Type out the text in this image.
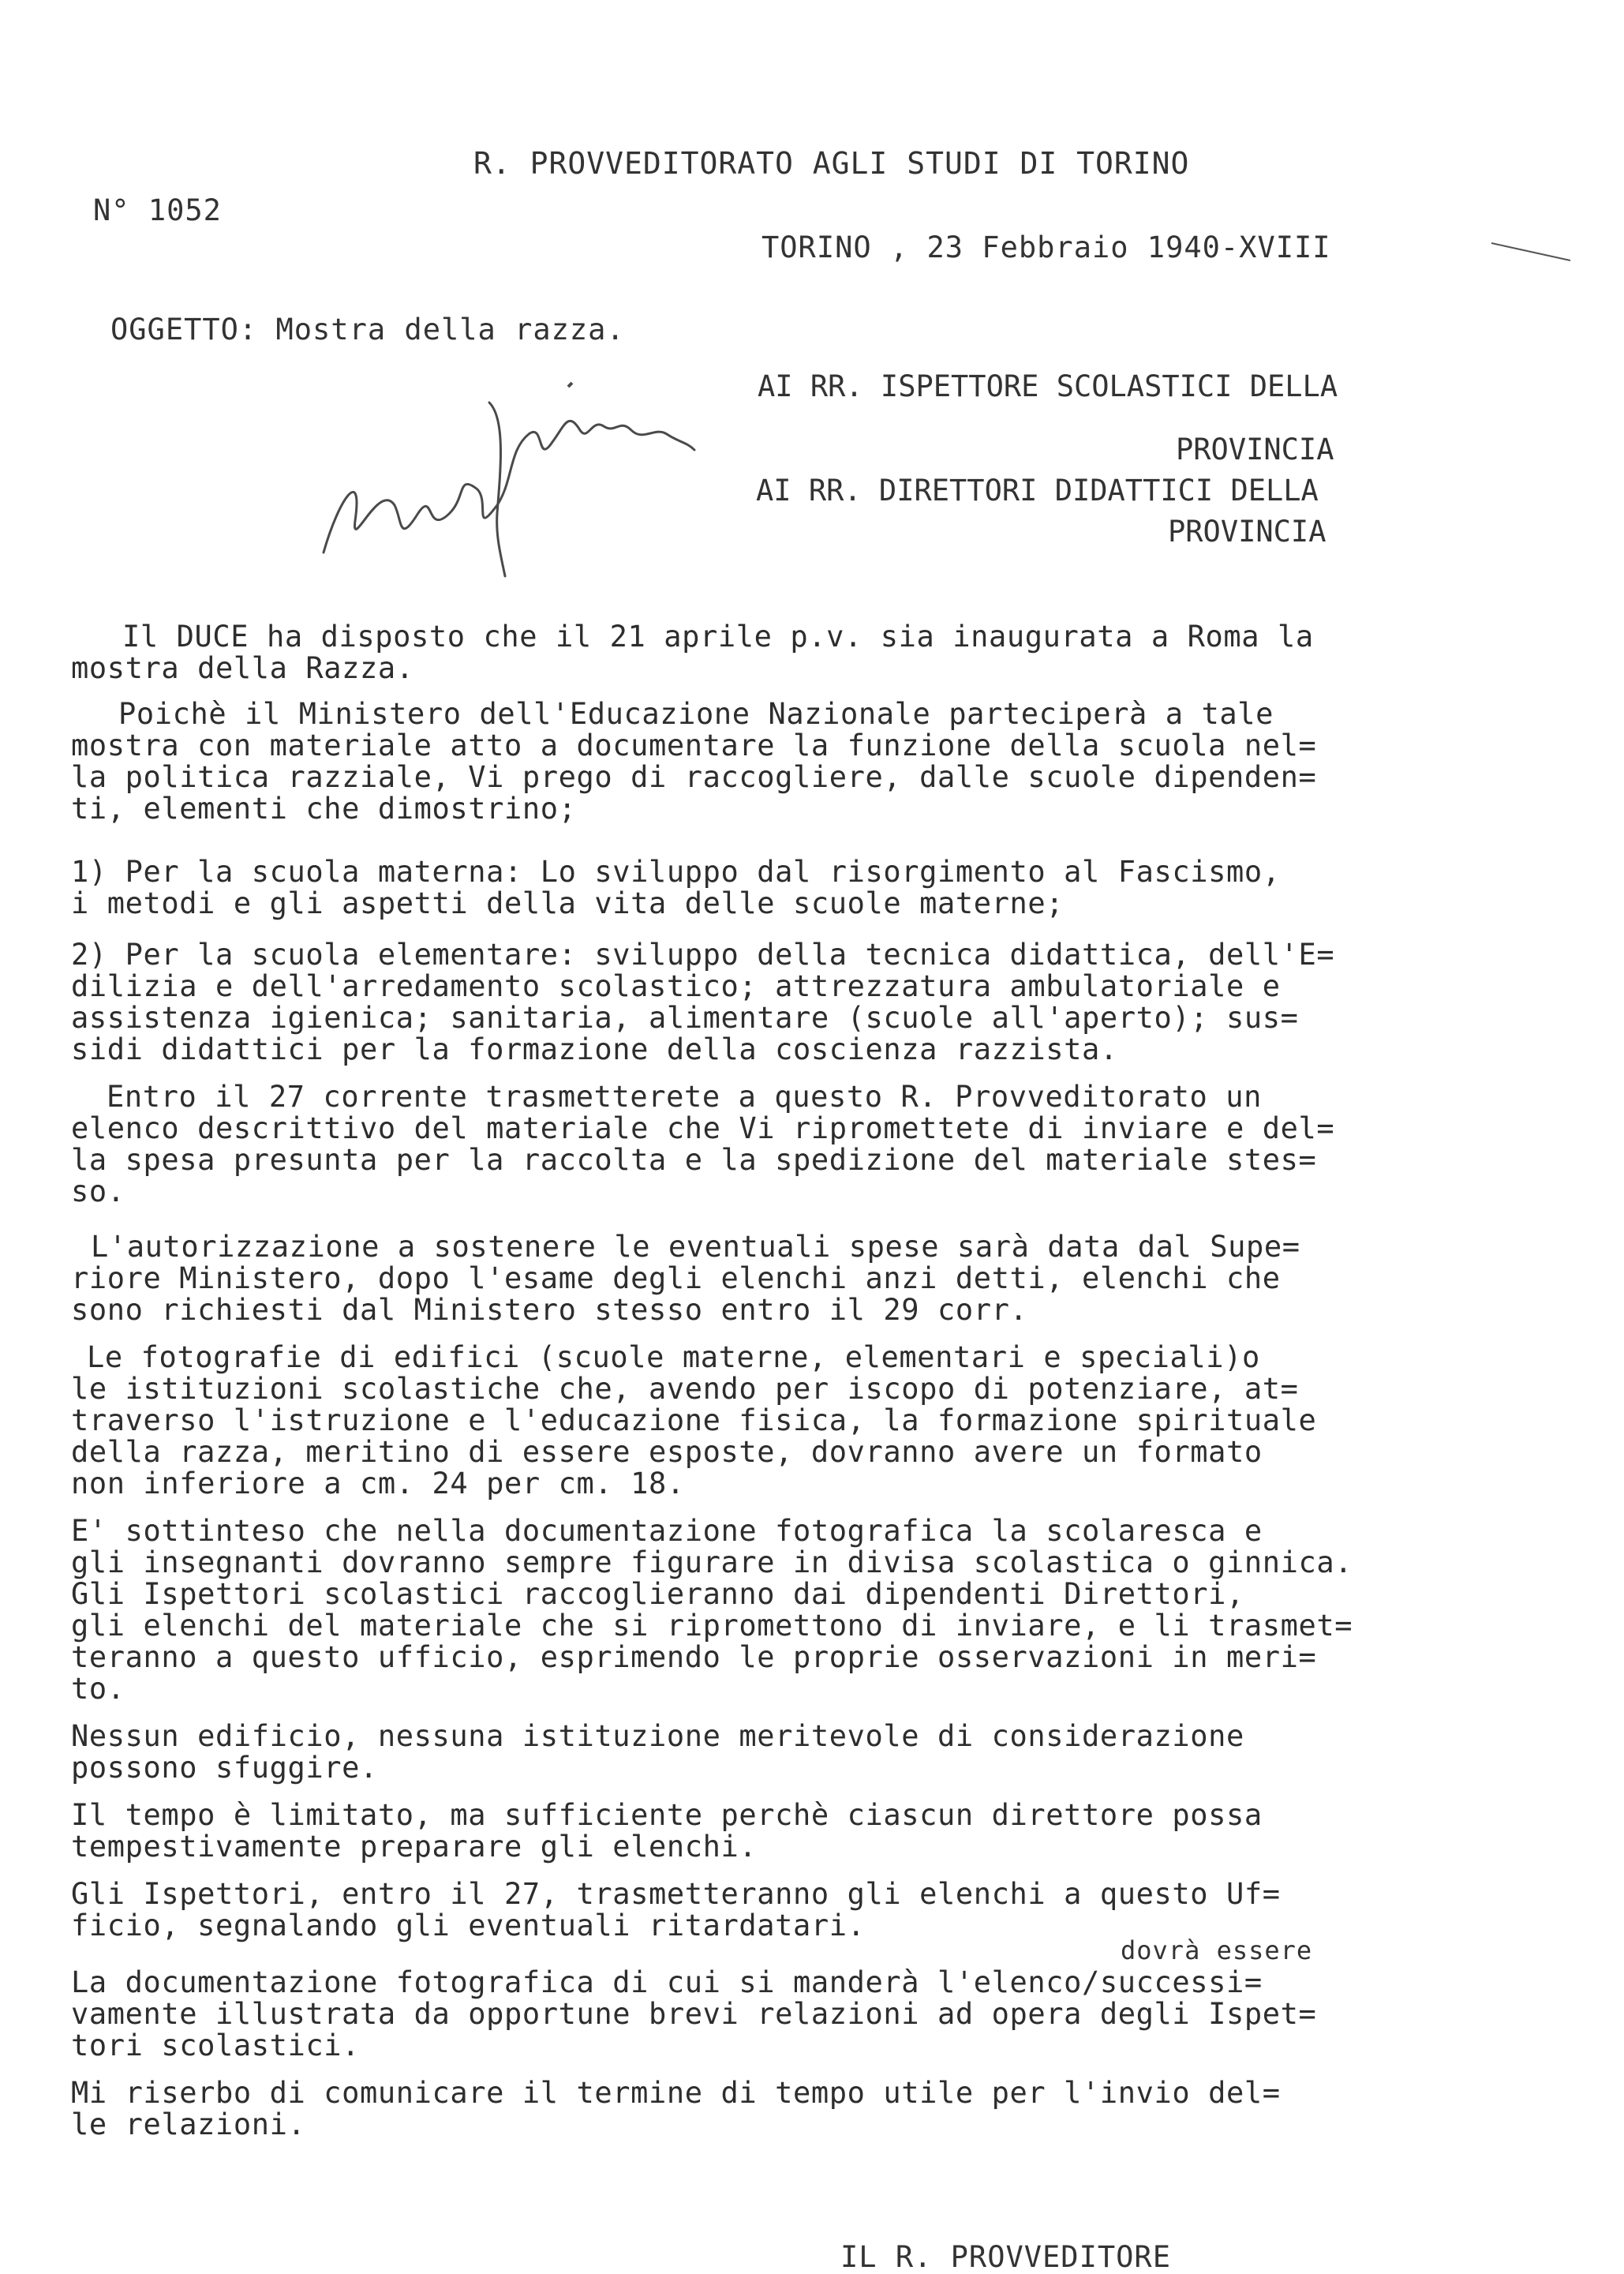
R. PROVVEDITORATO AGLI STUDI DI TORINO
N° 1052
TORINO , 23 Febbraio 1940-XVIII
OGGETTO: Mostra della razza.
AI RR. ISPETTORE SCOLASTICI DELLA
PROVINCIA
AI RR. DIRETTORI DIDATTICI DELLA
PROVINCIA
Il DUCE ha disposto che il 21 aprile p.v. sia inaugurata a Roma la
mostra della Razza.
Poichè il Ministero dell'Educazione Nazionale parteciperà a tale
mostra con materiale atto a documentare la funzione della scuola nel=
la politica razziale, Vi prego di raccogliere, dalle scuole dipenden=
ti, elementi che dimostrino;
1) Per la scuola materna: Lo sviluppo dal risorgimento al Fascismo,
i metodi e gli aspetti della vita delle scuole materne;
2) Per la scuola elementare: sviluppo della tecnica didattica, dell'E=
dilizia e dell'arredamento scolastico; attrezzatura ambulatoriale e
assistenza igienica; sanitaria, alimentare (scuole all'aperto); sus=
sidi didattici per la formazione della coscienza razzista.
Entro il 27 corrente trasmetterete a questo R. Provveditorato un
elenco descrittivo del materiale che Vi ripromettete di inviare e del=
la spesa presunta per la raccolta e la spedizione del materiale stes=
so.
L'autorizzazione a sostenere le eventuali spese sarà data dal Supe=
riore Ministero, dopo l'esame degli elenchi anzi detti, elenchi che
sono richiesti dal Ministero stesso entro il 29 corr.
Le fotografie di edifici (scuole materne, elementari e speciali)o
le istituzioni scolastiche che, avendo per iscopo di potenziare, at=
traverso l'istruzione e l'educazione fisica, la formazione spirituale
della razza, meritino di essere esposte, dovranno avere un formato
non inferiore a cm. 24 per cm. 18.
E' sottinteso che nella documentazione fotografica la scolaresca e
gli insegnanti dovranno sempre figurare in divisa scolastica o ginnica.
Gli Ispettori scolastici raccoglieranno dai dipendenti Direttori,
gli elenchi del materiale che si ripromettono di inviare, e li trasmet=
teranno a questo ufficio, esprimendo le proprie osservazioni in meri=
to.
Nessun edificio, nessuna istituzione meritevole di considerazione
possono sfuggire.
Il tempo è limitato, ma sufficiente perchè ciascun direttore possa
tempestivamente preparare gli elenchi.
Gli Ispettori, entro il 27, trasmetteranno gli elenchi a questo Uf=
ficio, segnalando gli eventuali ritardatari.
dovrà essere
La documentazione fotografica di cui si manderà l'elenco/successi=
vamente illustrata da opportune brevi relazioni ad opera degli Ispet=
tori scolastici.
Mi riserbo di comunicare il termine di tempo utile per l'invio del=
le relazioni.
IL R. PROVVEDITORE
